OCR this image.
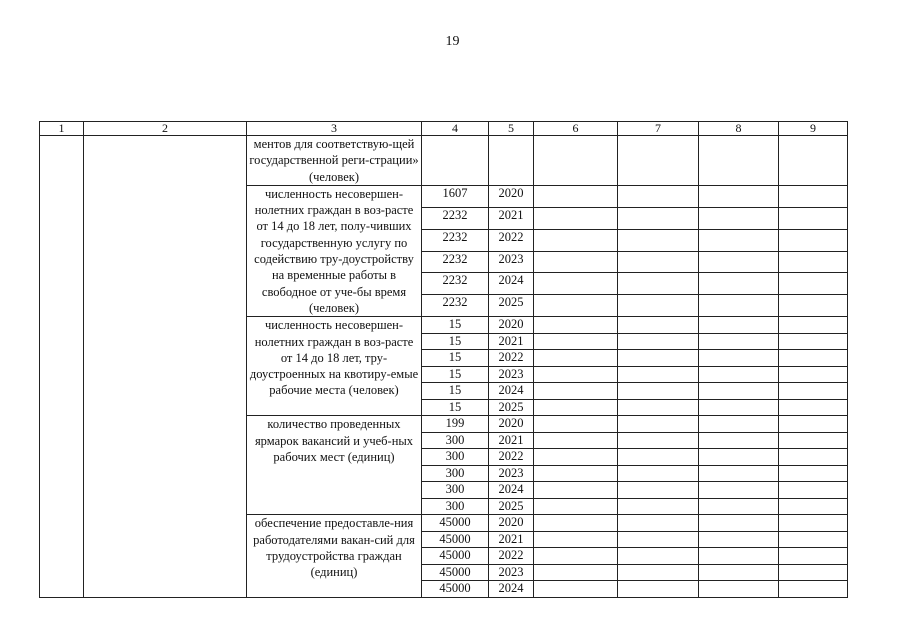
19
1	2	3	4	5	6	7	8	9
		ментов для соответствую-щей государственной реги-страции» (человек)						

		численность несовершен-нолетних граждан в воз-расте от 14 до 18 лет, полу-чивших государственную услугу по содействию тру-доустройству на временные работы в свободное от уче-бы время (человек)	1607	2020				
			2232	2021				
			2232	2022				
			2232	2023				
			2232	2024				
			2232	2025				
		численность несовершен-нолетних граждан в воз-расте от 14 до 18 лет, тру-доустроенных на квотиру-емые рабочие места (человек)	15	2020				
			15	2021				
			15	2022				
			15	2023				
			15	2024				
			15	2025				
		количество проведенных ярмарок вакансий и учеб-ных рабочих мест (единиц)	199	2020				
			300	2021				
			300	2022				
			300	2023				
			300	2024				
			300	2025				
		обеспечение предоставле-ния работодателями вакан-сий для трудоустройства граждан (единиц)	45000	2020				
			45000	2021				
			45000	2022				
			45000	2023				
			45000	2024				
